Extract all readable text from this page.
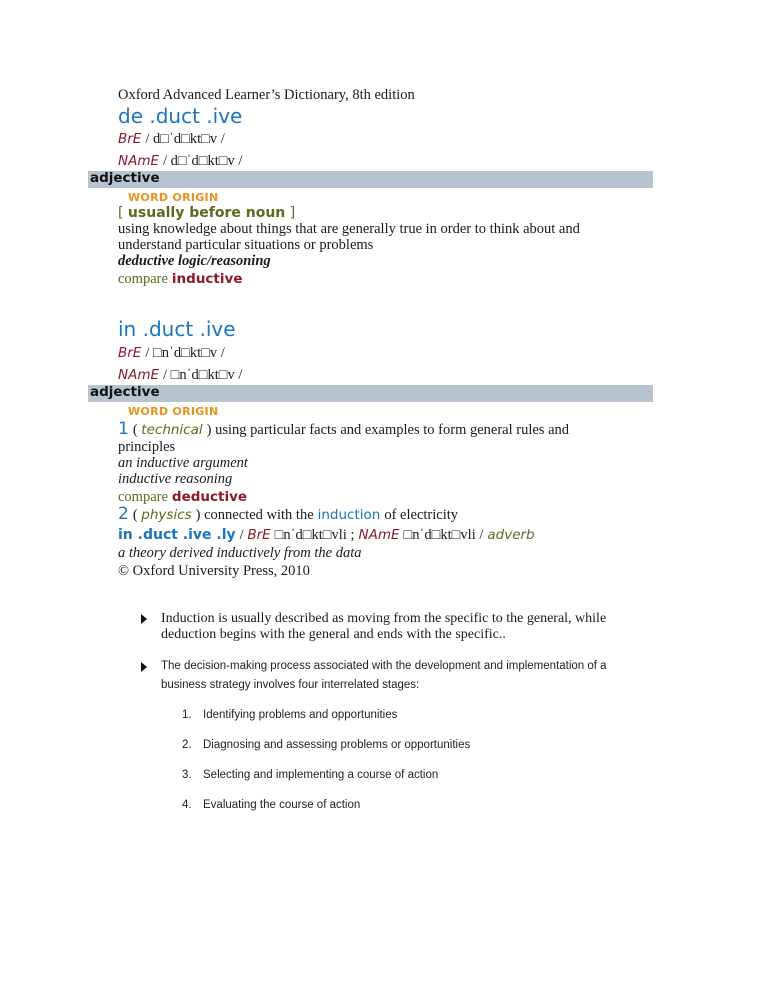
Oxford Advanced Learner’s Dictionary, 8th edition
de .duct .ive
BrE / d□ˈd□kt□v /
NAmE / d□ˈd□kt□v /
adjective
WORD ORIGIN
[ usually before noun ]
using knowledge about things that are generally true in order to think about and
understand particular situations or problems
deductive logic/reasoning
compare inductive
in .duct .ive
BrE / □nˈd□kt□v /
NAmE / □nˈd□kt□v /
adjective
WORD ORIGIN
1 ( technical ) using particular facts and examples to form general rules and
principles
an inductive argument
inductive reasoning
compare deductive
2 ( physics ) connected with the induction of electricity
in .duct .ive .ly / BrE □nˈd□kt□vli ; NAmE □nˈd□kt□vli / adverb
a theory derived inductively from the data
© Oxford University Press, 2010
Induction is usually described as moving from the specific to the general, while
deduction begins with the general and ends with the specific..
The decision-making process associated with the development and implementation of a
business strategy involves four interrelated stages:
1. Identifying problems and opportunities
2. Diagnosing and assessing problems or opportunities
3. Selecting and implementing a course of action
4. Evaluating the course of action
